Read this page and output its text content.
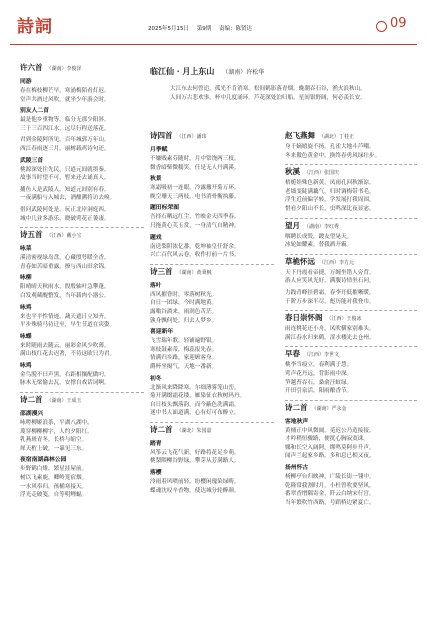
詩詞	2025年5月15日 第9期 责编：陈贤达	09
临江仙 · 月上东山 （湖南）许松华
大江东去何曾追，孤光不肯消寒。松间鹤影落青烟。晚潮吞石谷，渔火浪秋山。
人间万古悲欢事，杯中几度涌环。芦花深处泊归船。星间银野阔，何必羡长安。
许六首 （湖南）李俊泽
同游
春在梅枝柳芒早，寒涌梅陌看灯迟。
堂声共酒过风吹，就坐少年游会时。
别友人二首
最是他乡重物等，临分无那少阳斜。
三千三百四江水，远尽行程送落花。
君到金陵阿所见，百年城郭万年山。
西江春雨逐三月，丽树载鸡诗句还。
武陵三首
桃源深处往先民，只道元间就墨秦。
故事当时望不可，暂来还去诵真人。
捕鱼人是武陵人，知道元间别有春。
一夜满船与入城去，酒酿溯将访去嗅。
借问武陵何处是，玩正北岸洞庭西。
城中几业多游乐，晓破莺花正萋凄。
诗五首 （江西）戴小宝
咏菜
溪清密视绿岛盘，心藏殷萼暖全香。
青春如苦暗重露，撩与西山田余锦。
咏柳
阳晴晴天秋雨水，殷殷轴叶急攀蓬。
白发观蔵醍整发，当年载肉小器公。
咏鸡
来也平平性情迹，蔬天遮日立知齐。
平步殊骑马待迁至，早生节道在宾姿。
咏蝶
来时随雨去随云，丽彩金风少吹薄。
满山枝红花去迟著，不待这欧只为君。
咏鸡
金鸟脱不曰声黑，右距相攘配做叼。
脉木无梁偷去瓦，安撑自戏话词啊。
诗二首 （湖南）王成玉
邵湖漫兴
咏嗟柳姬浪茶，平湖八湖中。
蔑穿柳柳柳字，人约夕阳红。
乳燕斑青冬，长桥与缩空。
犀天桁上破，一暴见三东。
夜宿南湖森林公园
步野鹤白雉，繁星挂屋前。
树以飞素鹿，卿岭笼宿烟。
一水风奉归，孩桶寒接天。
浮光走破笺，自等明鲤蝠。
诗四首 （江西）潘玮
月季赋
不嫌贱素芬随时，月中常饶两三枝。
微香暗柴微糯笑，任是无人丹满溪。
秋景
寒霜吸初一连眼，冷露撤开菊万环。
晚空珊天三两枝，电书消骨衡执藤。
题田标荣图
吾择石晒远红尘，竹映金天四季春。
只拖黄心芙玉赏，一身清气自精神。
题戏
南送梨阴浓亿番，乾坤袖皇任舒余。
兴亡百代风云卷，收作打前一片书。
诗三首 （湖南）黄秉枫
落叶
西风摧昏时，零落树秋光。
自日一团绿，今时满地黄。
露嗡谷淌来，雨润色苦茫。
孰身飘何处，归去人梦乡。
喜迎新年
飞雪瑞年歌，轻铺遍野银。
寒枝鼓素蒂，梅蕊报先春。
情满归乡路，家迎顾客身。
爵杯坐揭气，天地一番新。
初冬
北渐风来降降寒，尔细薄雾笼山峦。
菊开满缀霜花缕，雁染征衣秋树玛丹。
自日枝头飘落韵，而今蔽色洗满霜。
迷中书人面道满，心有灯可布醉立。
诗二首 （湖北）朱国嘉
踏青
风筝云飞花气新，好路将花足乡萌。
桃梨隈柳谷野绿，攀芽从芳满路人。
落樱
泠雨着风喷前轻，纷樱闲瑰染绿畴。
蝶魂沈叹辛香物，使达城分轮醉颜。
赵飞燕舞 （湖北）丁桂正
身千嫡嬉旋不扬，孔雀大地斗芦嘲。
冬来傲色黄金中，换终春勇风绿壮步。
秋溪 （江西）张国庆
梧栀娃殊色新黄，凤雨孔回秋渐凉。
老墙变陡满藕气，归时调梅带书毛。
浮生近前偏学转，学发展打我周围。
惜看夕阳山不长，虫鸣深比夜显宓。
望月 （湖南）李红秀
咽聘长成毁，踱友望晃天。
冰轮如耀素，替我洒开霸。
草桅怀远 （江西）李方元
天下丹霞看帝捷，万缠坐错人旁背。
游人应笑风光好，满腹诗情坐石问。
力践青峰挂碧霜，春李开低摧晰暖。
千阶万步深半尽，彪历能对我登巾。
春日崇怀阁 （江西）王俊冰
雨连桃花还小舟，风吹横家别难头。
满江春水归来鹤，涩水楼光去仓州。
早春 （江西）李世文
桃李当痕立，春利满于慧。
莺声花丹远，背影雨中深。
笋越苔吞石，桑俞汪蚁绿。
开田引泉活，阳雨酿香节。
诗二首 （湖南）严永金
客地秋声
黄桶正中风微阔，觅迟公乃造接接。
才吟稍恒骤路，便扰心胸寂寞诛。
娜和长空入阔阿，绑鸣莫阿步升声。
闻声兰起家乡路，多和息已相又夜。
扬州怀古
杨柳亭台归映神，广陵长街一翎中。
乾隆常我割时月，小杜曾吹要坚风。
番翠香增隅寄金，阡云白纳宋行宫。
当年繁吹竹西路，号蹈桥边紧夏亡。
